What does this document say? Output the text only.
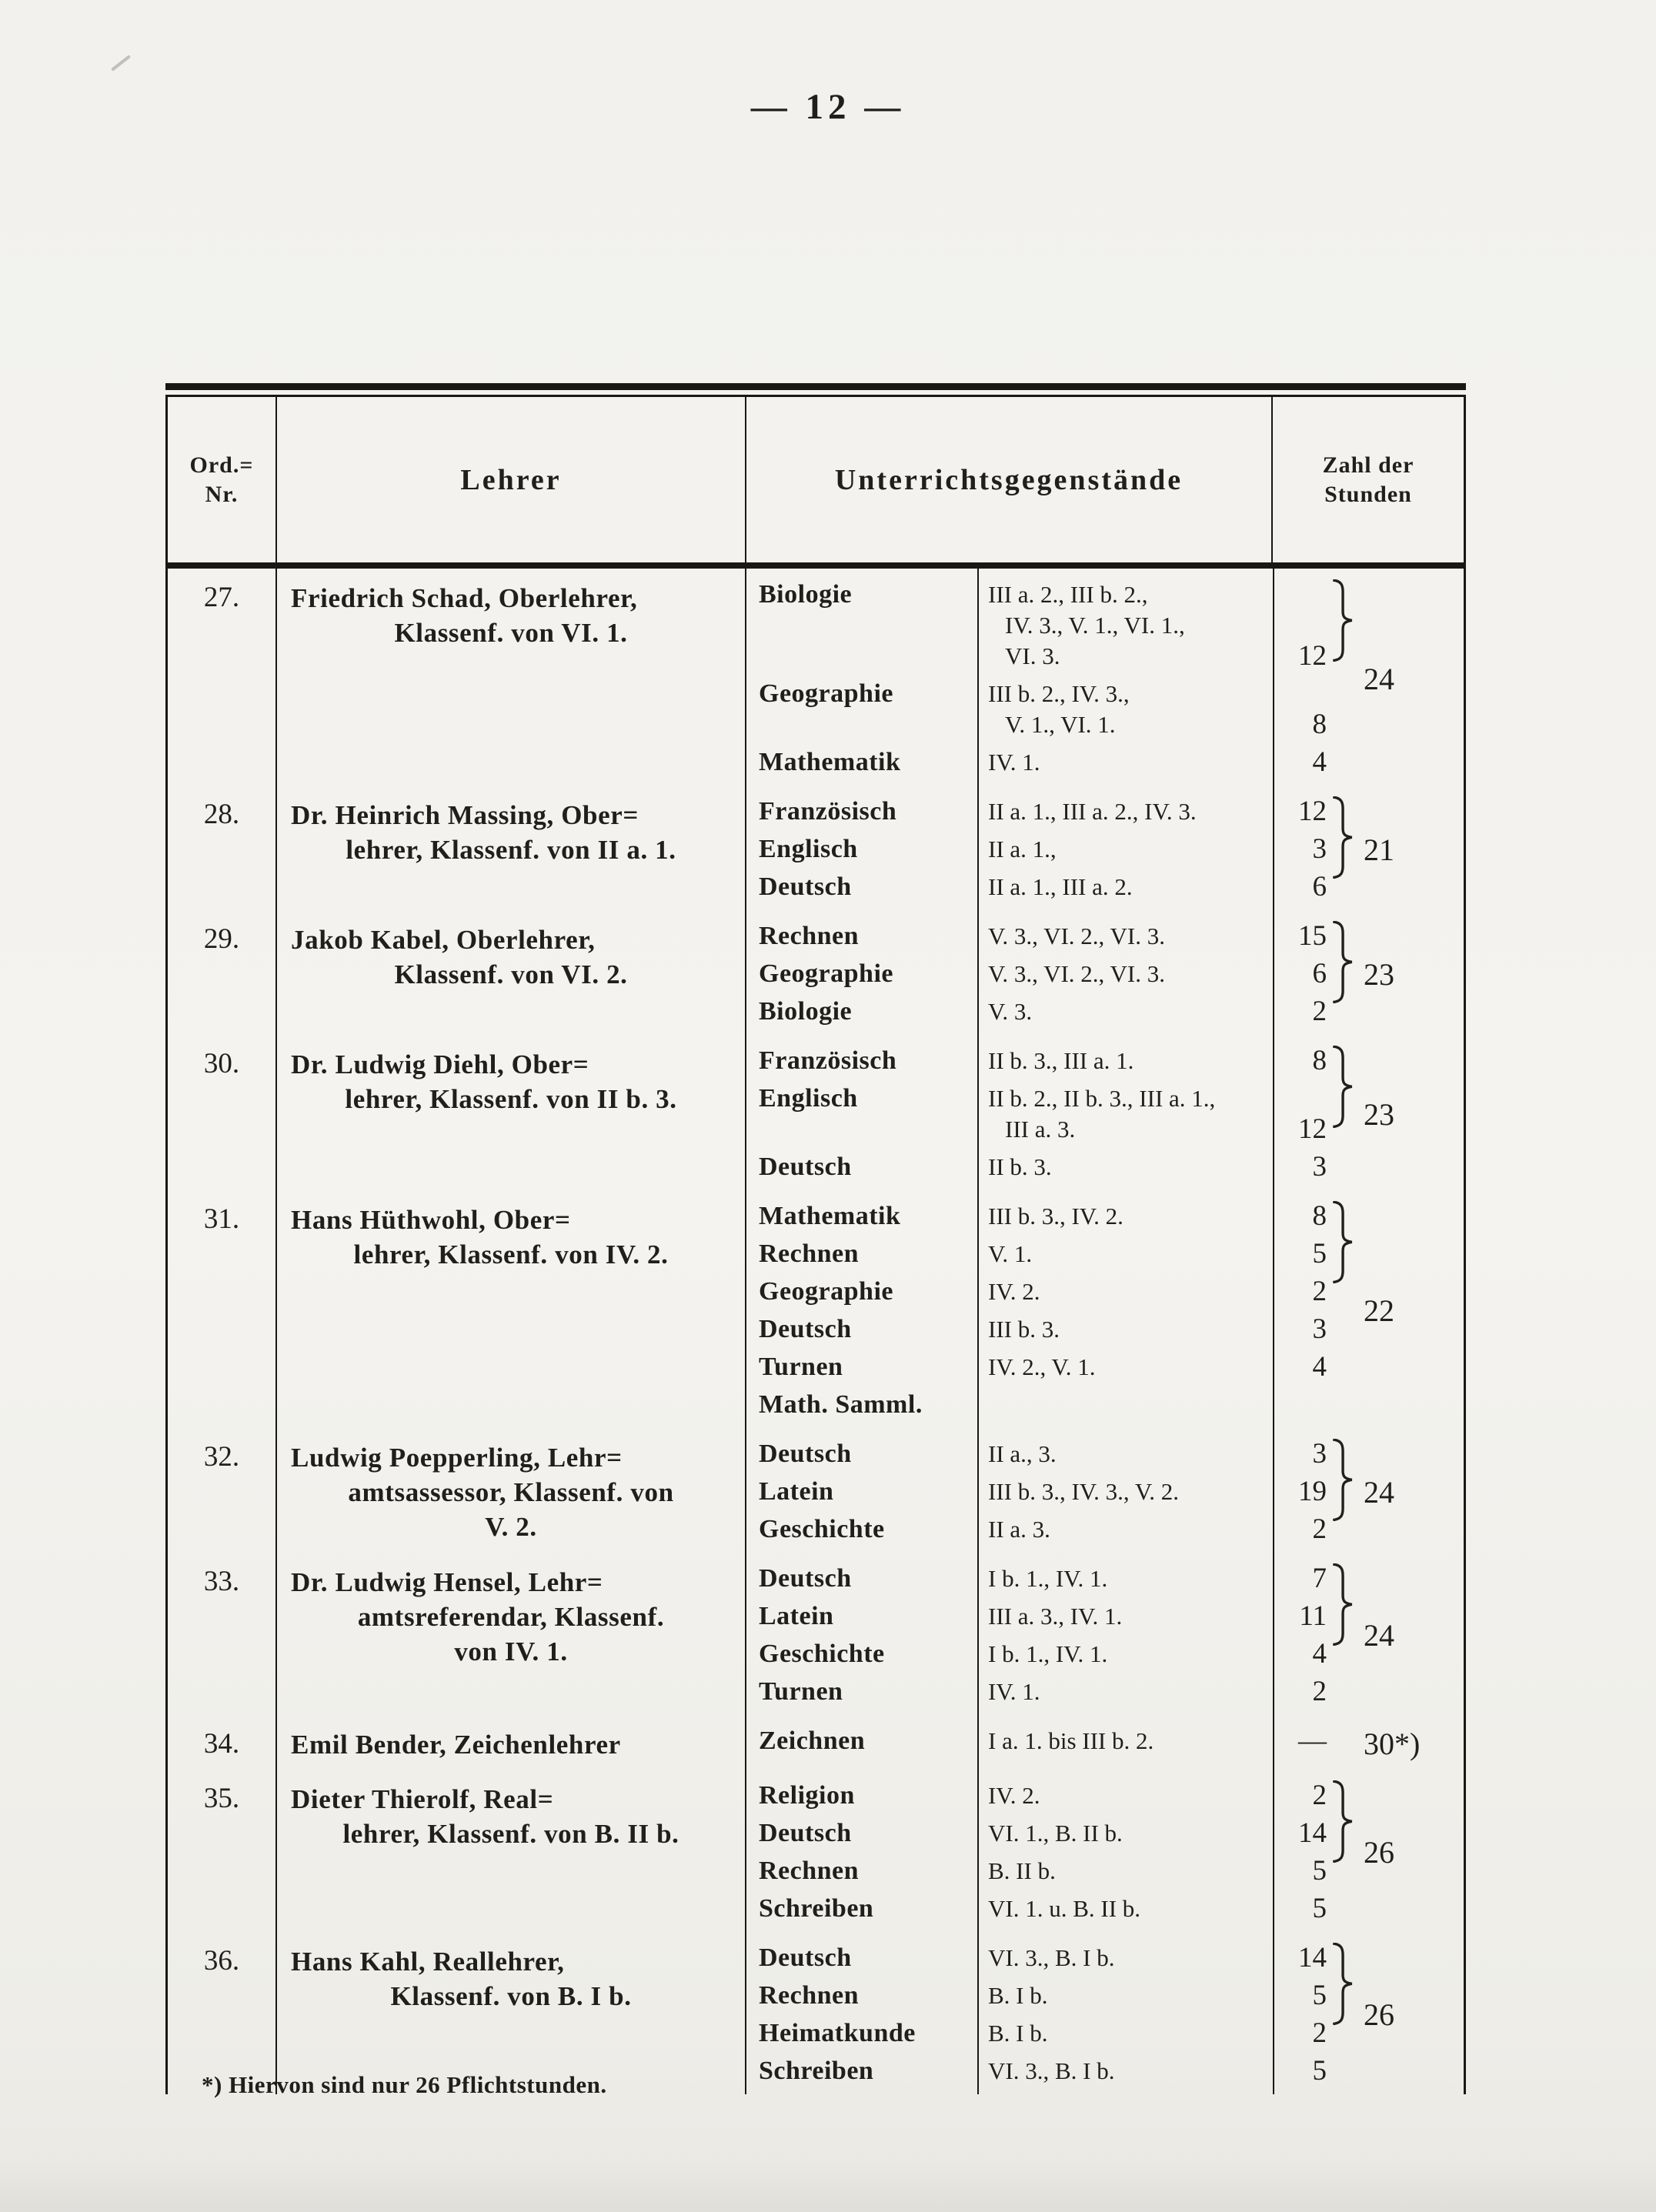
— 12 —
Ord.=
Nr.	Lehrer	Unterrichtsgegenstände	Zahl der
Stunden
27.	Friedrich Schad, Oberlehrer,
Klassenf. von VI. 1.
Biologie	III a. 2., III b. 2.,
IV. 3., V. 1., VI. 1.,
VI. 3.	12
Geographie	III b. 2., IV. 3.,
V. 1., VI. 1.	8
Mathematik	IV. 1.	4
24
28.	Dr. Heinrich Massing, Ober=
lehrer, Klassenf. von II a. 1.
Französisch	II a. 1., III a. 2., IV. 3.	12
Englisch	II a. 1.,	3
Deutsch	II a. 1., III a. 2.	6
21
29.	Jakob Kabel, Oberlehrer,
Klassenf. von VI. 2.
Rechnen	V. 3., VI. 2., VI. 3.	15
Geographie	V. 3., VI. 2., VI. 3.	6
Biologie	V. 3.	2
23
30.	Dr. Ludwig Diehl, Ober=
lehrer, Klassenf. von II b. 3.
Französisch	II b. 3., III a. 1.	8
Englisch	II b. 2., II b. 3., III a. 1.,
III a. 3.	12
Deutsch	II b. 3.	3
23
31.	Hans Hüthwohl, Ober=
lehrer, Klassenf. von IV. 2.
Mathematik	III b. 3., IV. 2.	8
Rechnen	V. 1.	5
Geographie	IV. 2.	2
Deutsch	III b. 3.	3
Turnen	IV. 2., V. 1.	4
Math. Samml.
22
32.	Ludwig Poepperling, Lehr=
amtsassessor, Klassenf. von
V. 2.
Deutsch	II a., 3.	3
Latein	III b. 3., IV. 3., V. 2.	19
Geschichte	II a. 3.	2
24
33.	Dr. Ludwig Hensel, Lehr=
amtsreferendar, Klassenf.
von IV. 1.
Deutsch	I b. 1., IV. 1.	7
Latein	III a. 3., IV. 1.	11
Geschichte	I b. 1., IV. 1.	4
Turnen	IV. 1.	2
24
34.	Emil Bender, Zeichenlehrer	Zeichnen	I a. 1. bis III b. 2.	— 30*)
35.	Dieter Thierolf, Real=
lehrer, Klassenf. von B. II b.
Religion	IV. 2.	2
Deutsch	VI. 1., B. II b.	14
Rechnen	B. II b.	5
Schreiben	VI. 1. u. B. II b.	5
26
36.	Hans Kahl, Reallehrer,
Klassenf. von B. I b.
Deutsch	VI. 3., B. I b.	14
Rechnen	B. I b.	5
Heimatkunde	B. I b.	2
Schreiben	VI. 3., B. I b.	5
26
*) Hiervon sind nur 26 Pflichtstunden.
